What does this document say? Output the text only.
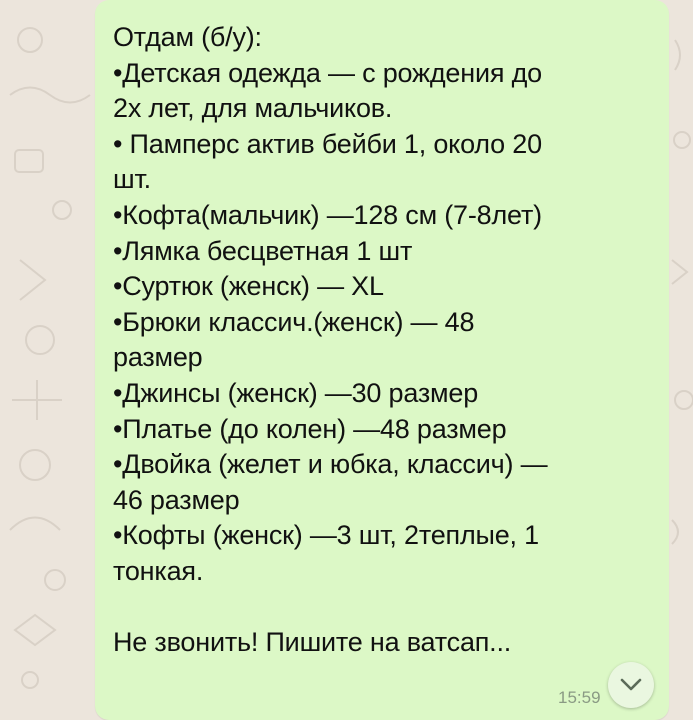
Отдам (б/у):
•Детская одежда — с рождения до
2х лет, для мальчиков.
• Памперс актив бейби 1, около 20
шт.
•Кофта(мальчик) —128 см (7-8лет)
•Лямка бесцветная 1 шт
•Суртюк (женск) — XL
•Брюки классич.(женск) — 48
размер
•Джинсы (женск) —30 размер
•Платье (до колен) —48 размер
•Двойка (желет и юбка, классич) —
46 размер
•Кофты (женск) —3 шт, 2теплые, 1
тонкая.
Не звонить! Пишите на ватсап...
15:59
